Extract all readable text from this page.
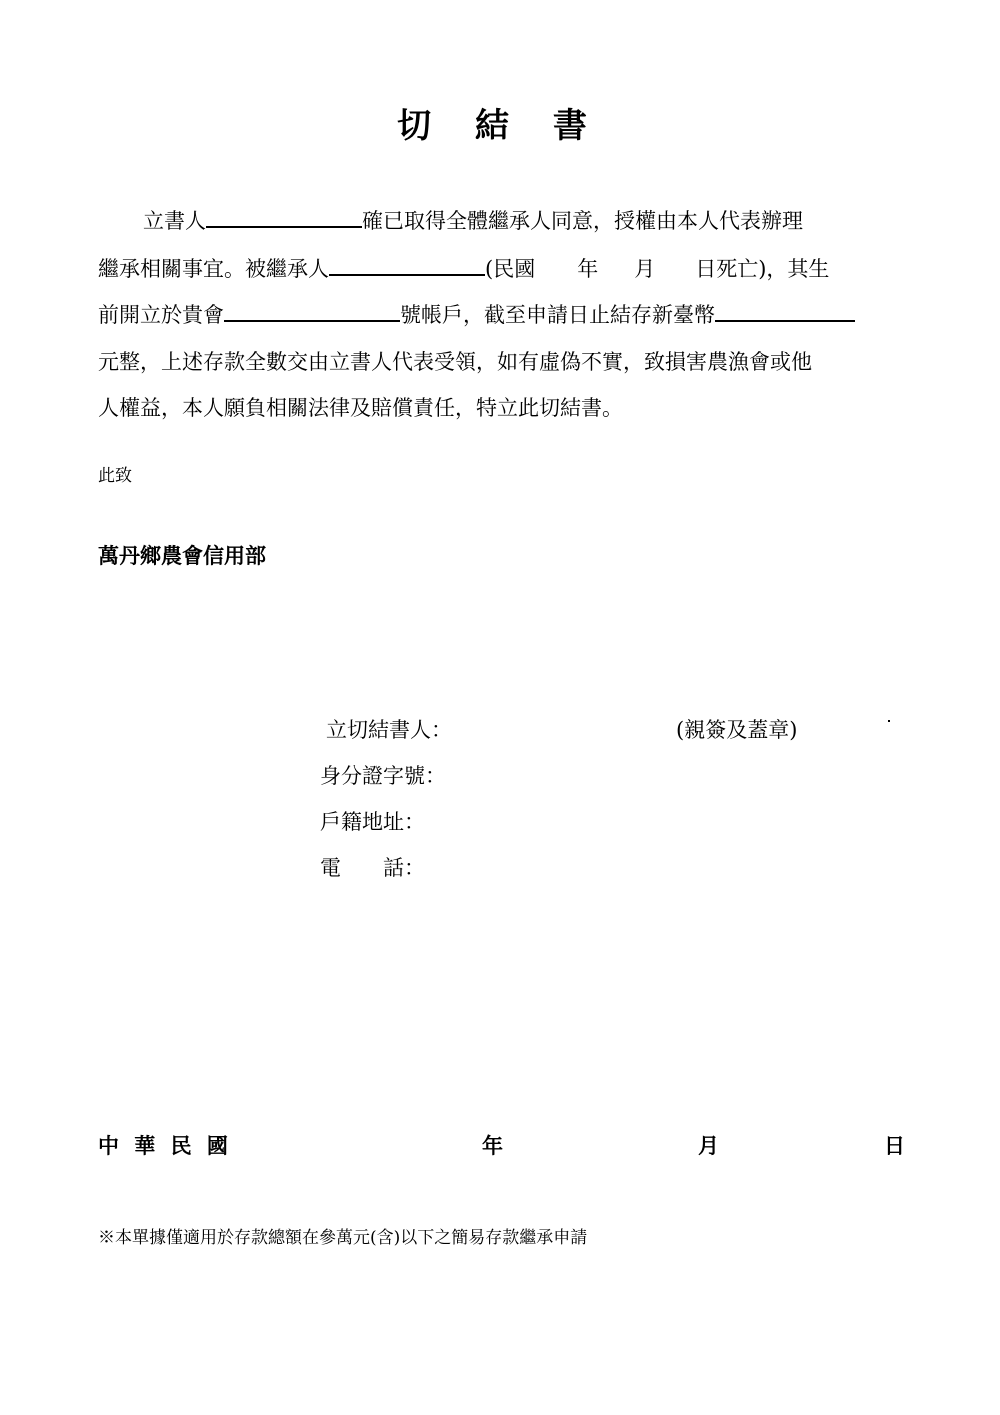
切 結 書
立書人	確已取得全體繼承人同意，授權由本人代表辦理
繼承相關事宜。被繼承人	(民國 年 月 日死亡)，其生
前開立於貴會	號帳戶，截至申請日止結存新臺幣
元整，上述存款全數交由立書人代表受領，如有虛偽不實，致損害農漁會或他
人權益，本人願負相關法律及賠償責任，特立此切結書。
此致
萬丹鄉農會信用部
立切結書人：	(親簽及蓋章)
身分證字號：
戶籍地址：
電　　話：
中 華 民 國	年	月	日
※本單據僅適用於存款總額在參萬元(含)以下之簡易存款繼承申請
